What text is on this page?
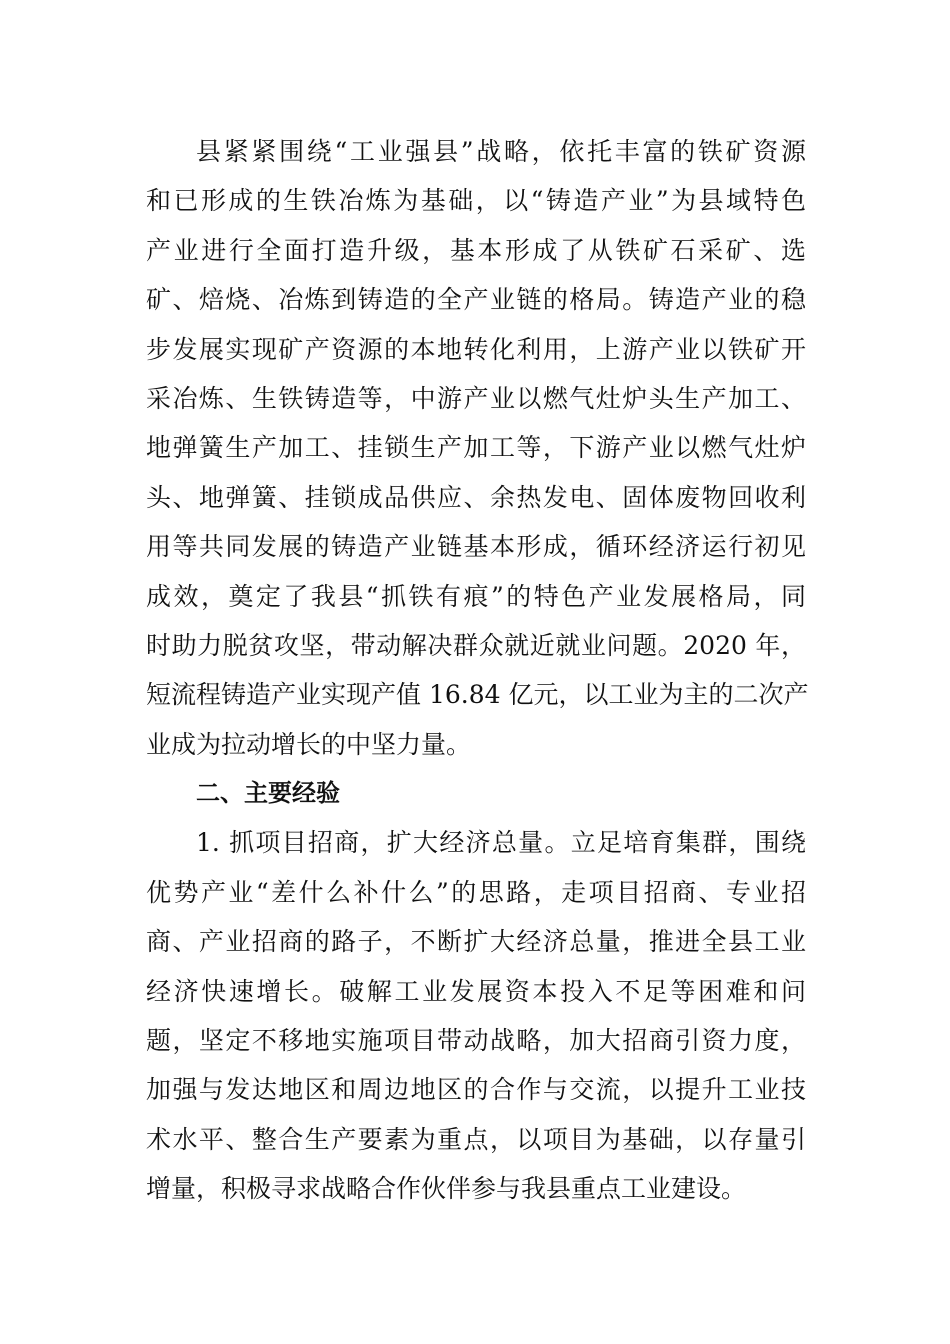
县紧紧围绕“工业强县”战略，依托丰富的铁矿资源
和已形成的生铁冶炼为基础，以“铸造产业”为县域特色
产业进行全面打造升级，基本形成了从铁矿石采矿、选
矿、焙烧、冶炼到铸造的全产业链的格局。铸造产业的稳
步发展实现矿产资源的本地转化利用，上游产业以铁矿开
采冶炼、生铁铸造等，中游产业以燃气灶炉头生产加工、
地弹簧生产加工、挂锁生产加工等，下游产业以燃气灶炉
头、地弹簧、挂锁成品供应、余热发电、固体废物回收利
用等共同发展的铸造产业链基本形成，循环经济运行初见
成效，奠定了我县“抓铁有痕”的特色产业发展格局，同
时助力脱贫攻坚，带动解决群众就近就业问题。2020 年，
短流程铸造产业实现产值 16.84 亿元，以工业为主的二次产
业成为拉动增长的中坚力量。
二、主要经验
1. 抓项目招商，扩大经济总量。立足培育集群，围绕
优势产业“差什么补什么”的思路，走项目招商、专业招
商、产业招商的路子，不断扩大经济总量，推进全县工业
经济快速增长。破解工业发展资本投入不足等困难和问
题，坚定不移地实施项目带动战略，加大招商引资力度，
加强与发达地区和周边地区的合作与交流，以提升工业技
术水平、整合生产要素为重点，以项目为基础，以存量引
增量，积极寻求战略合作伙伴参与我县重点工业建设。
